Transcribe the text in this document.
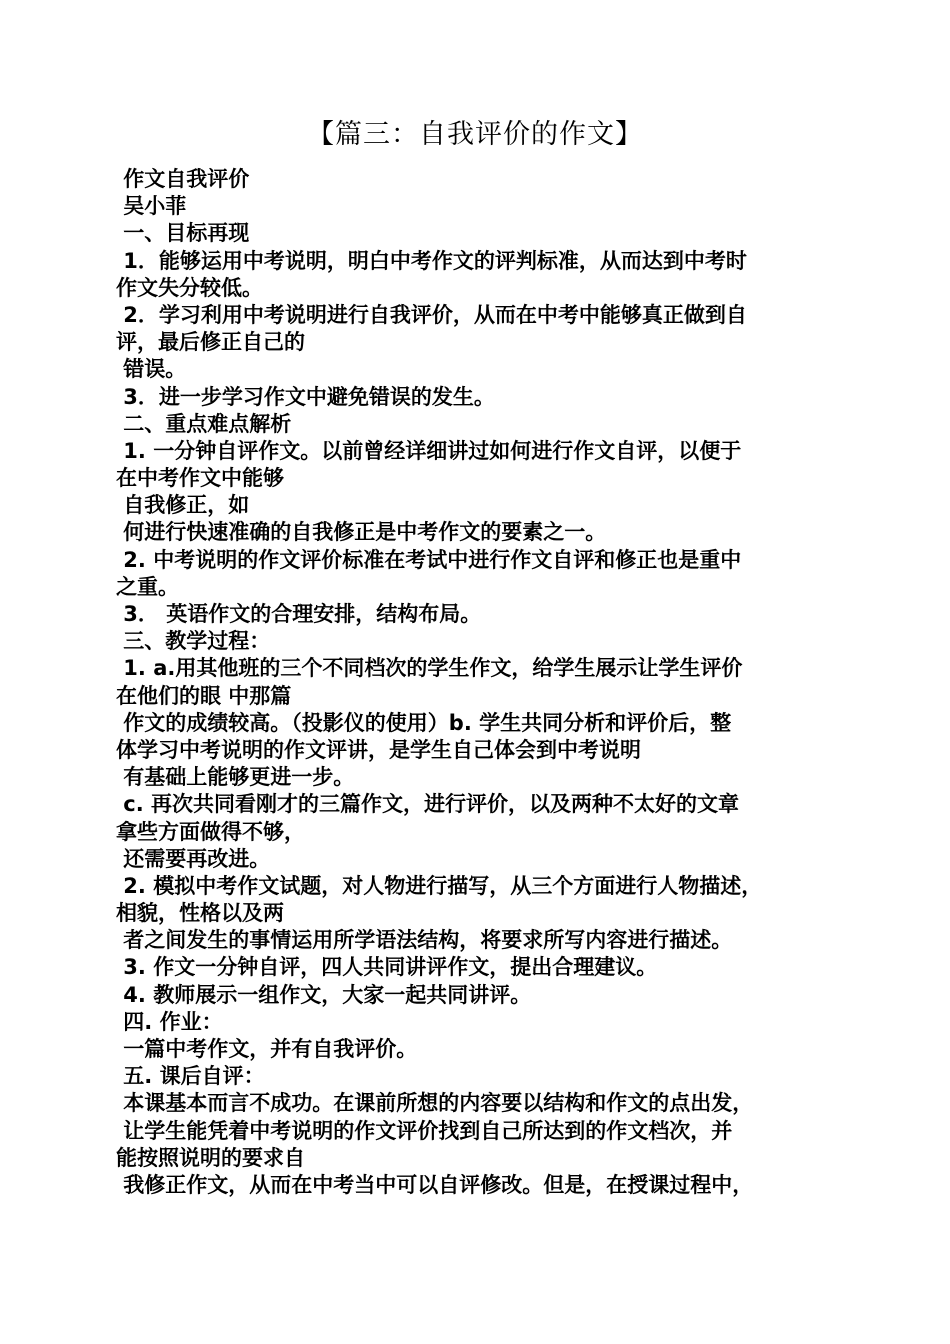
【篇三：自我评价的作文】
作文自我评价
吴小菲
一、目标再现
1．能够运用中考说明，明白中考作文的评判标准，从而达到中考时
作文失分较低。
2．学习利用中考说明进行自我评价，从而在中考中能够真正做到自
评，最后修正自己的
错误。
3．进一步学习作文中避免错误的发生。
二、重点难点解析
1. 一分钟自评作文。以前曾经详细讲过如何进行作文自评，以便于
在中考作文中能够
自我修正，如
何进行快速准确的自我修正是中考作文的要素之一。
2. 中考说明的作文评价标准在考试中进行作文自评和修正也是重中
之重。
3． 英语作文的合理安排，结构布局。
三、教学过程：
1. a.用其他班的三个不同档次的学生作文，给学生展示让学生评价
在他们的眼 中那篇
作文的成绩较高。（投影仪的使用）b. 学生共同分析和评价后，整
体学习中考说明的作文评讲，是学生自己体会到中考说明
有基础上能够更进一步。
c. 再次共同看刚才的三篇作文，进行评价，以及两种不太好的文章
拿些方面做得不够，
还需要再改进。
2. 模拟中考作文试题，对人物进行描写，从三个方面进行人物描述，
相貌，性格以及两
者之间发生的事情运用所学语法结构，将要求所写内容进行描述。
3. 作文一分钟自评，四人共同讲评作文，提出合理建议。
4. 教师展示一组作文，大家一起共同讲评。
四. 作业：
一篇中考作文，并有自我评价。
五. 课后自评：
本课基本而言不成功。在课前所想的内容要以结构和作文的点出发，
让学生能凭着中考说明的作文评价找到自己所达到的作文档次，并
能按照说明的要求自
我修正作文，从而在中考当中可以自评修改。但是，在授课过程中，
